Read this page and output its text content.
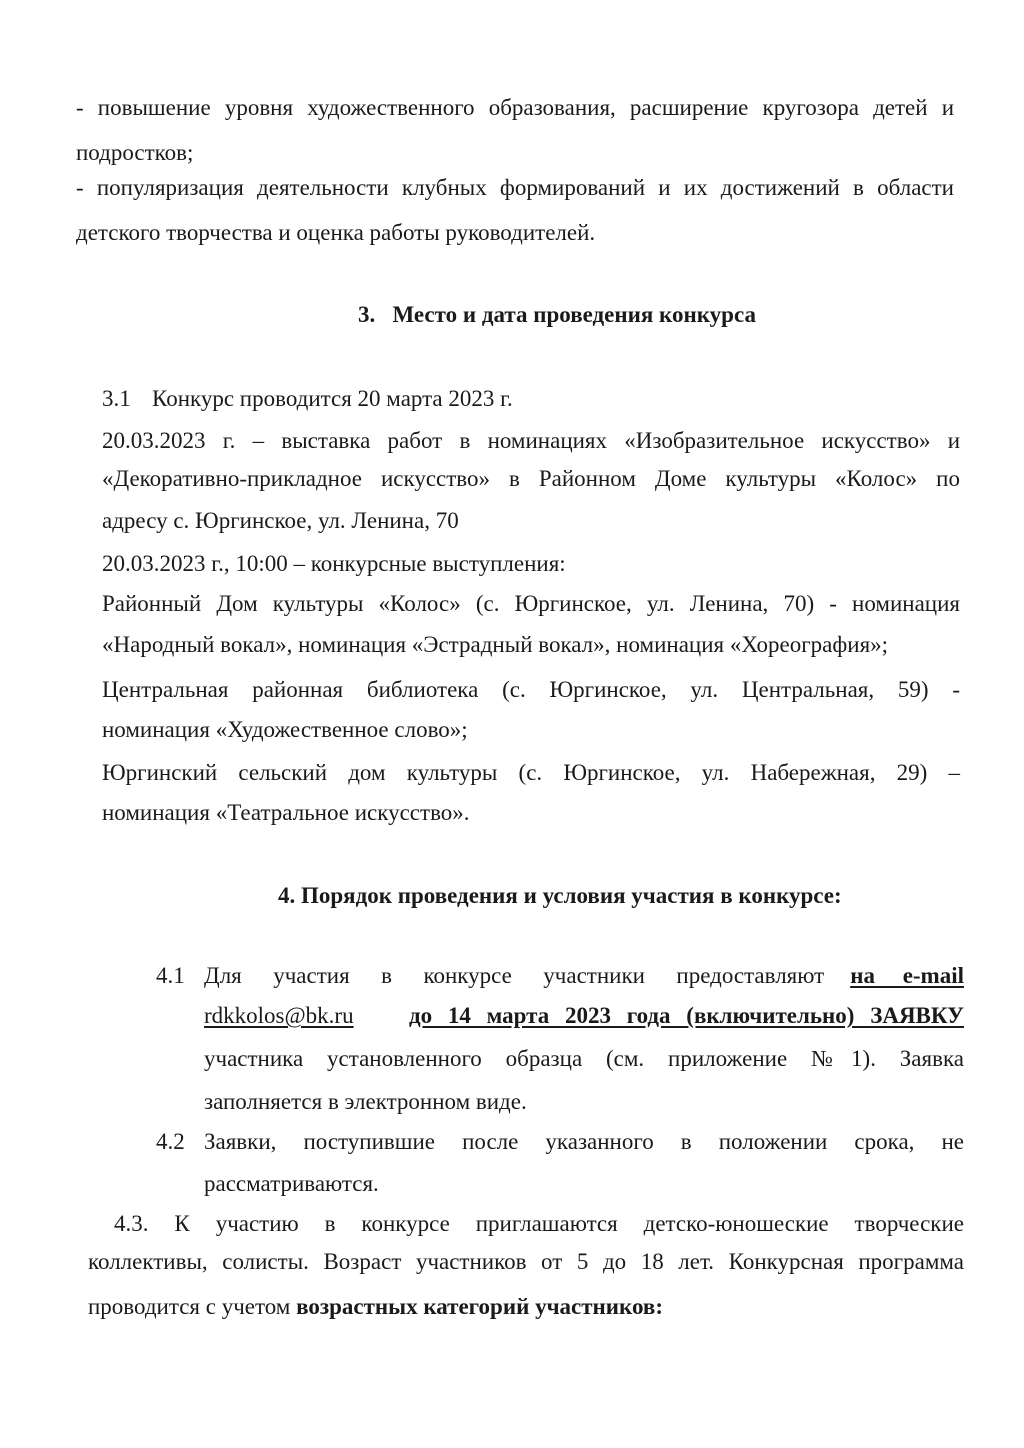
- повышение уровня художественного образования, расширение кругозора детей и
подростков;
- популяризация деятельности клубных формирований и их достижений в области
детского творчества и оценка работы руководителей.
3.   Место и дата проведения конкурса
3.1 Конкурс проводится 20 марта 2023 г.
20.03.2023 г. – выставка работ в номинациях «Изобразительное искусство» и
«Декоративно-прикладное искусство» в Районном Доме культуры «Колос» по
адресу с. Юргинское, ул. Ленина, 70
20.03.2023 г., 10:00 – конкурсные выступления:
Районный Дом культуры «Колос» (с. Юргинское, ул. Ленина, 70) - номинация
«Народный вокал», номинация «Эстрадный вокал», номинация «Хореография»;
Центральная районная библиотека (с. Юргинское, ул. Центральная, 59) -
номинация «Художественное слово»;
Юргинский сельский дом культуры (с. Юргинское, ул. Набережная, 29) –
номинация «Театральное искусство».
4. Порядок проведения и условия участия в конкурсе:
4.1 Для участия в конкурсе участники предоставляют	на e-mail
rdkkolos@bk.ru	до 14 марта 2023 года (включительно) ЗАЯВКУ
участника установленного образца (см. приложение №1). Заявка
заполняется в электронном виде.
4.2 Заявки, поступившие после указанного в положении срока, не
рассматриваются.
4.3. К участию в конкурсе приглашаются детско-юношеские творческие
коллективы, солисты. Возраст участников от 5 до 18 лет. Конкурсная программа
проводится с учетом возрастных категорий участников:
